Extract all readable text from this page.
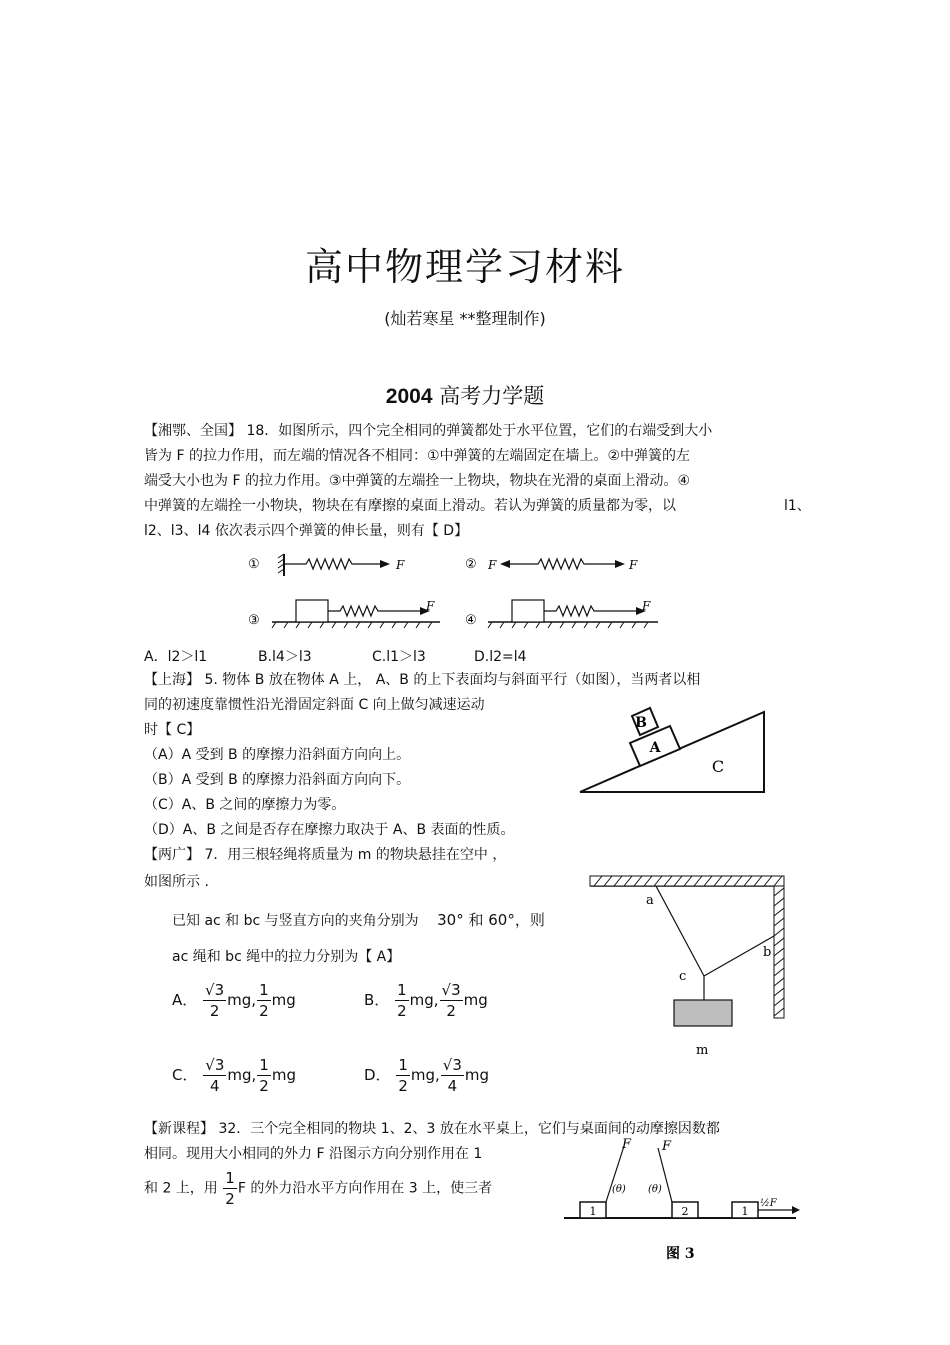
高中物理学习材料
(灿若寒星 **整理制作)
2004 高考力学题
【湘鄂、全国】 18．如图所示，四个完全相同的弹簧都处于水平位置，它们的右端受到大小
皆为 F 的拉力作用，而左端的情况各不相同：①中弹簧的左端固定在墙上。②中弹簧的左
端受大小也为 F 的拉力作用。③中弹簧的左端拴一上物块，物块在光滑的桌面上滑动。④
中弹簧的左端拴一小物块，物块在有摩擦的桌面上滑动。若认为弹簧的质量都为零，以	l1、
l2、l3、l4 依次表示四个弹簧的伸长量，则有【 D】
①	F	② F	F
③
F
④
F
A．l2＞l1	B.l4＞l3	C.l1＞l3	D.l2=l4
【上海】 5. 物体 B 放在物体 A 上， A、B 的上下表面均与斜面平行（如图），当两者以相
同的初速度靠惯性沿光滑固定斜面 C 向上做匀减速运动
时【 C】
（A）A 受到 B 的摩擦力沿斜面方向向上。
（B）A 受到 B 的摩擦力沿斜面方向向下。
（C）A、B 之间的摩擦力为零。
（D）A、B 之间是否存在摩擦力取决于 A、B 表面的性质。
B
A
C
【两广】 7．用三根轻绳将质量为 m 的物块悬挂在空中 ，
如图所示 .
已知 ac 和 bc 与竖直方向的夹角分别为 30° 和 60°，则
ac 绳和 bc 绳中的拉力分别为【 A】
A． $\frac{√3}{2}$ mg, $\frac{1}{2}$ mg	B． $\frac{1}{2}$ mg, $\frac{√3}{2}$ mg
C． $\frac{√3}{4}$ mg, $\frac{1}{2}$ mg	D． $\frac{1}{2}$ mg, $\frac{√3}{4}$ mg
a
b
c
m
【新课程】 32．三个完全相同的物块 1、2、3 放在水平桌上，它们与桌面间的动摩擦因数都
相同。现用大小相同的外力 F 沿图示方向分别作用在 1
和 2 上，用 $\frac{1}{2}$ F 的外力沿水平方向作用在 3 上，使三者
1
F
(θ)
2
F
(θ)
1
½F
图 3
